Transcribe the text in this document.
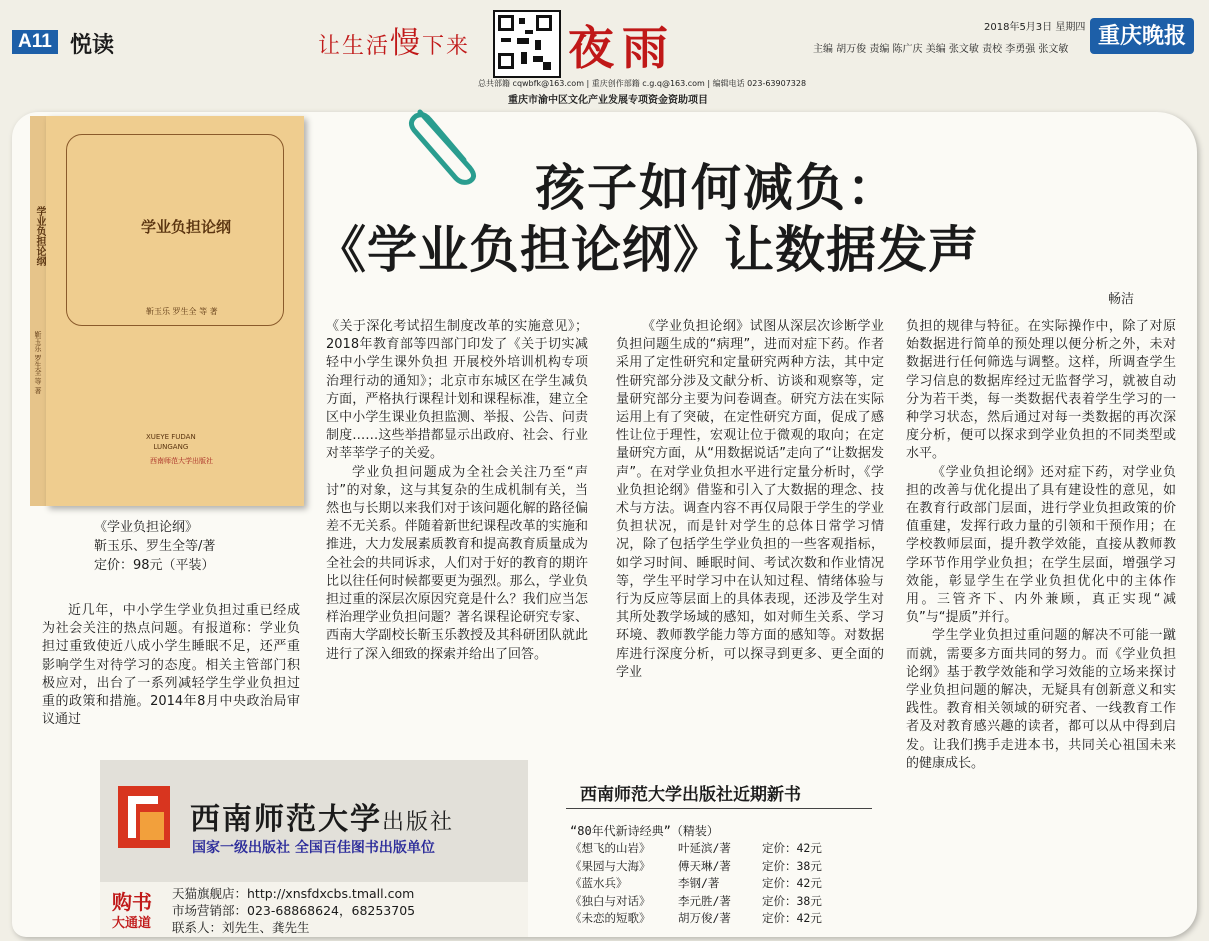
A11 悦读	让生活慢下来 夜雨
总共部籍 cqwbfk@163.com | 重庆创作部籍 c.g.q@163.com | 编辑电话 023-63907328
重庆市渝中区文化产业发展专项资金资助项目
2018年5月3日 星期四
主编 胡万俊 责编 陈广庆 美编 张文敏 责校 李勇强 张文敏
重庆晚报
学业负担论纲
靳玉乐 罗生全 等 著
学业负担论纲
靳玉乐 罗生全 等 著
XUEYE FUDAN
LUNGANG
西南师范大学出版社
《学业负担论纲》
靳玉乐、罗生全等/著
定价：98元（平装）
孩子如何减负：
《学业负担论纲》让数据发声
畅洁

近几年，中小学生学业负担过重已经成为社会关注的热点问题。有报道称：学业负担过重致使近八成小学生睡眠不足，还严重影响学生对待学习的态度。相关主管部门积极应对，出台了一系列减轻学生学业负担过重的政策和措施。2014年8月中央政治局审议通过

《关于深化考试招生制度改革的实施意见》；2018年教育部等四部门印发了《关于切实减轻中小学生课外负担 开展校外培训机构专项治理行动的通知》；北京市东城区在学生减负方面，严格执行课程计划和课程标准，建立全区中小学生课业负担监测、举报、公告、问责制度……这些举措都显示出政府、社会、行业对莘莘学子的关爱。

学业负担问题成为全社会关注乃至“声讨”的对象，这与其复杂的生成机制有关，当然也与长期以来我们对于该问题化解的路径偏差不无关系。伴随着新世纪课程改革的实施和推进，大力发展素质教育和提高教育质量成为全社会的共同诉求，人们对于好的教育的期许比以往任何时候都要更为强烈。那么，学业负担过重的深层次原因究竟是什么？我们应当怎样治理学业负担问题？著名课程论研究专家、西南大学副校长靳玉乐教授及其科研团队就此进行了深入细致的探索并给出了回答。

《学业负担论纲》试图从深层次诊断学业负担问题生成的“病理”，进而对症下药。作者采用了定性研究和定量研究两种方法，其中定性研究部分涉及文献分析、访谈和观察等，定量研究部分主要为问卷调查。研究方法在实际运用上有了突破，在定性研究方面，促成了感性让位于理性，宏观让位于微观的取向；在定量研究方面，从“用数据说话”走向了“让数据发声”。在对学业负担水平进行定量分析时，《学业负担论纲》借鉴和引入了大数据的理念、技术与方法。调查内容不再仅局限于学生的学业负担状况，而是针对学生的总体日常学习情况，除了包括学生学业负担的一些客观指标，如学习时间、睡眠时间、考试次数和作业情况等，学生平时学习中在认知过程、情绪体验与行为反应等层面上的具体表现，还涉及学生对其所处教学场域的感知，如对师生关系、学习环境、教师教学能力等方面的感知等。对数据库进行深度分析，可以探寻到更多、更全面的学业

负担的规律与特征。在实际操作中，除了对原始数据进行简单的预处理以便分析之外，未对数据进行任何筛选与调整。这样，所调查学生学习信息的数据库经过无监督学习，就被自动分为若干类，每一类数据代表着学生学习的一种学习状态，然后通过对每一类数据的再次深度分析，便可以探求到学业负担的不同类型或水平。

《学业负担论纲》还对症下药，对学业负担的改善与优化提出了具有建设性的意见，如在教育行政部门层面，进行学业负担政策的价值重建，发挥行政力量的引领和干预作用；在学校教师层面，提升教学效能，直接从教师教学环节作用学业负担；在学生层面，增强学习效能，彰显学生在学业负担优化中的主体作用。三管齐下、内外兼顾，真正实现“减负”与“提质”并行。

学生学业负担过重问题的解决不可能一蹴而就，需要多方面共同的努力。而《学业负担论纲》基于教学效能和学习效能的立场来探讨学业负担问题的解决，无疑具有创新意义和实践性。教育相关领域的研究者、一线教育工作者及对教育感兴趣的读者，都可以从中得到启发。让我们携手走进本书，共同关心祖国未来的健康成长。

西南师范大学出版社
国家一级出版社 全国百佳图书出版单位
购书
大通道
天猫旗舰店：http://xnsfdxcbs.tmall.com
市场营销部：023-68868624，68253705
联系人：刘先生、龚先生
西南师范大学出版社近期新书
“80年代新诗经典”（精装）
《想飞的山岩》	叶延滨/著	定价：42元
《果园与大海》	傅天琳/著	定价：38元
《蓝水兵》	李钢/著	定价：42元
《独白与对话》	李元胜/著	定价：38元
《未恋的短歌》	胡万俊/著	定价：42元
